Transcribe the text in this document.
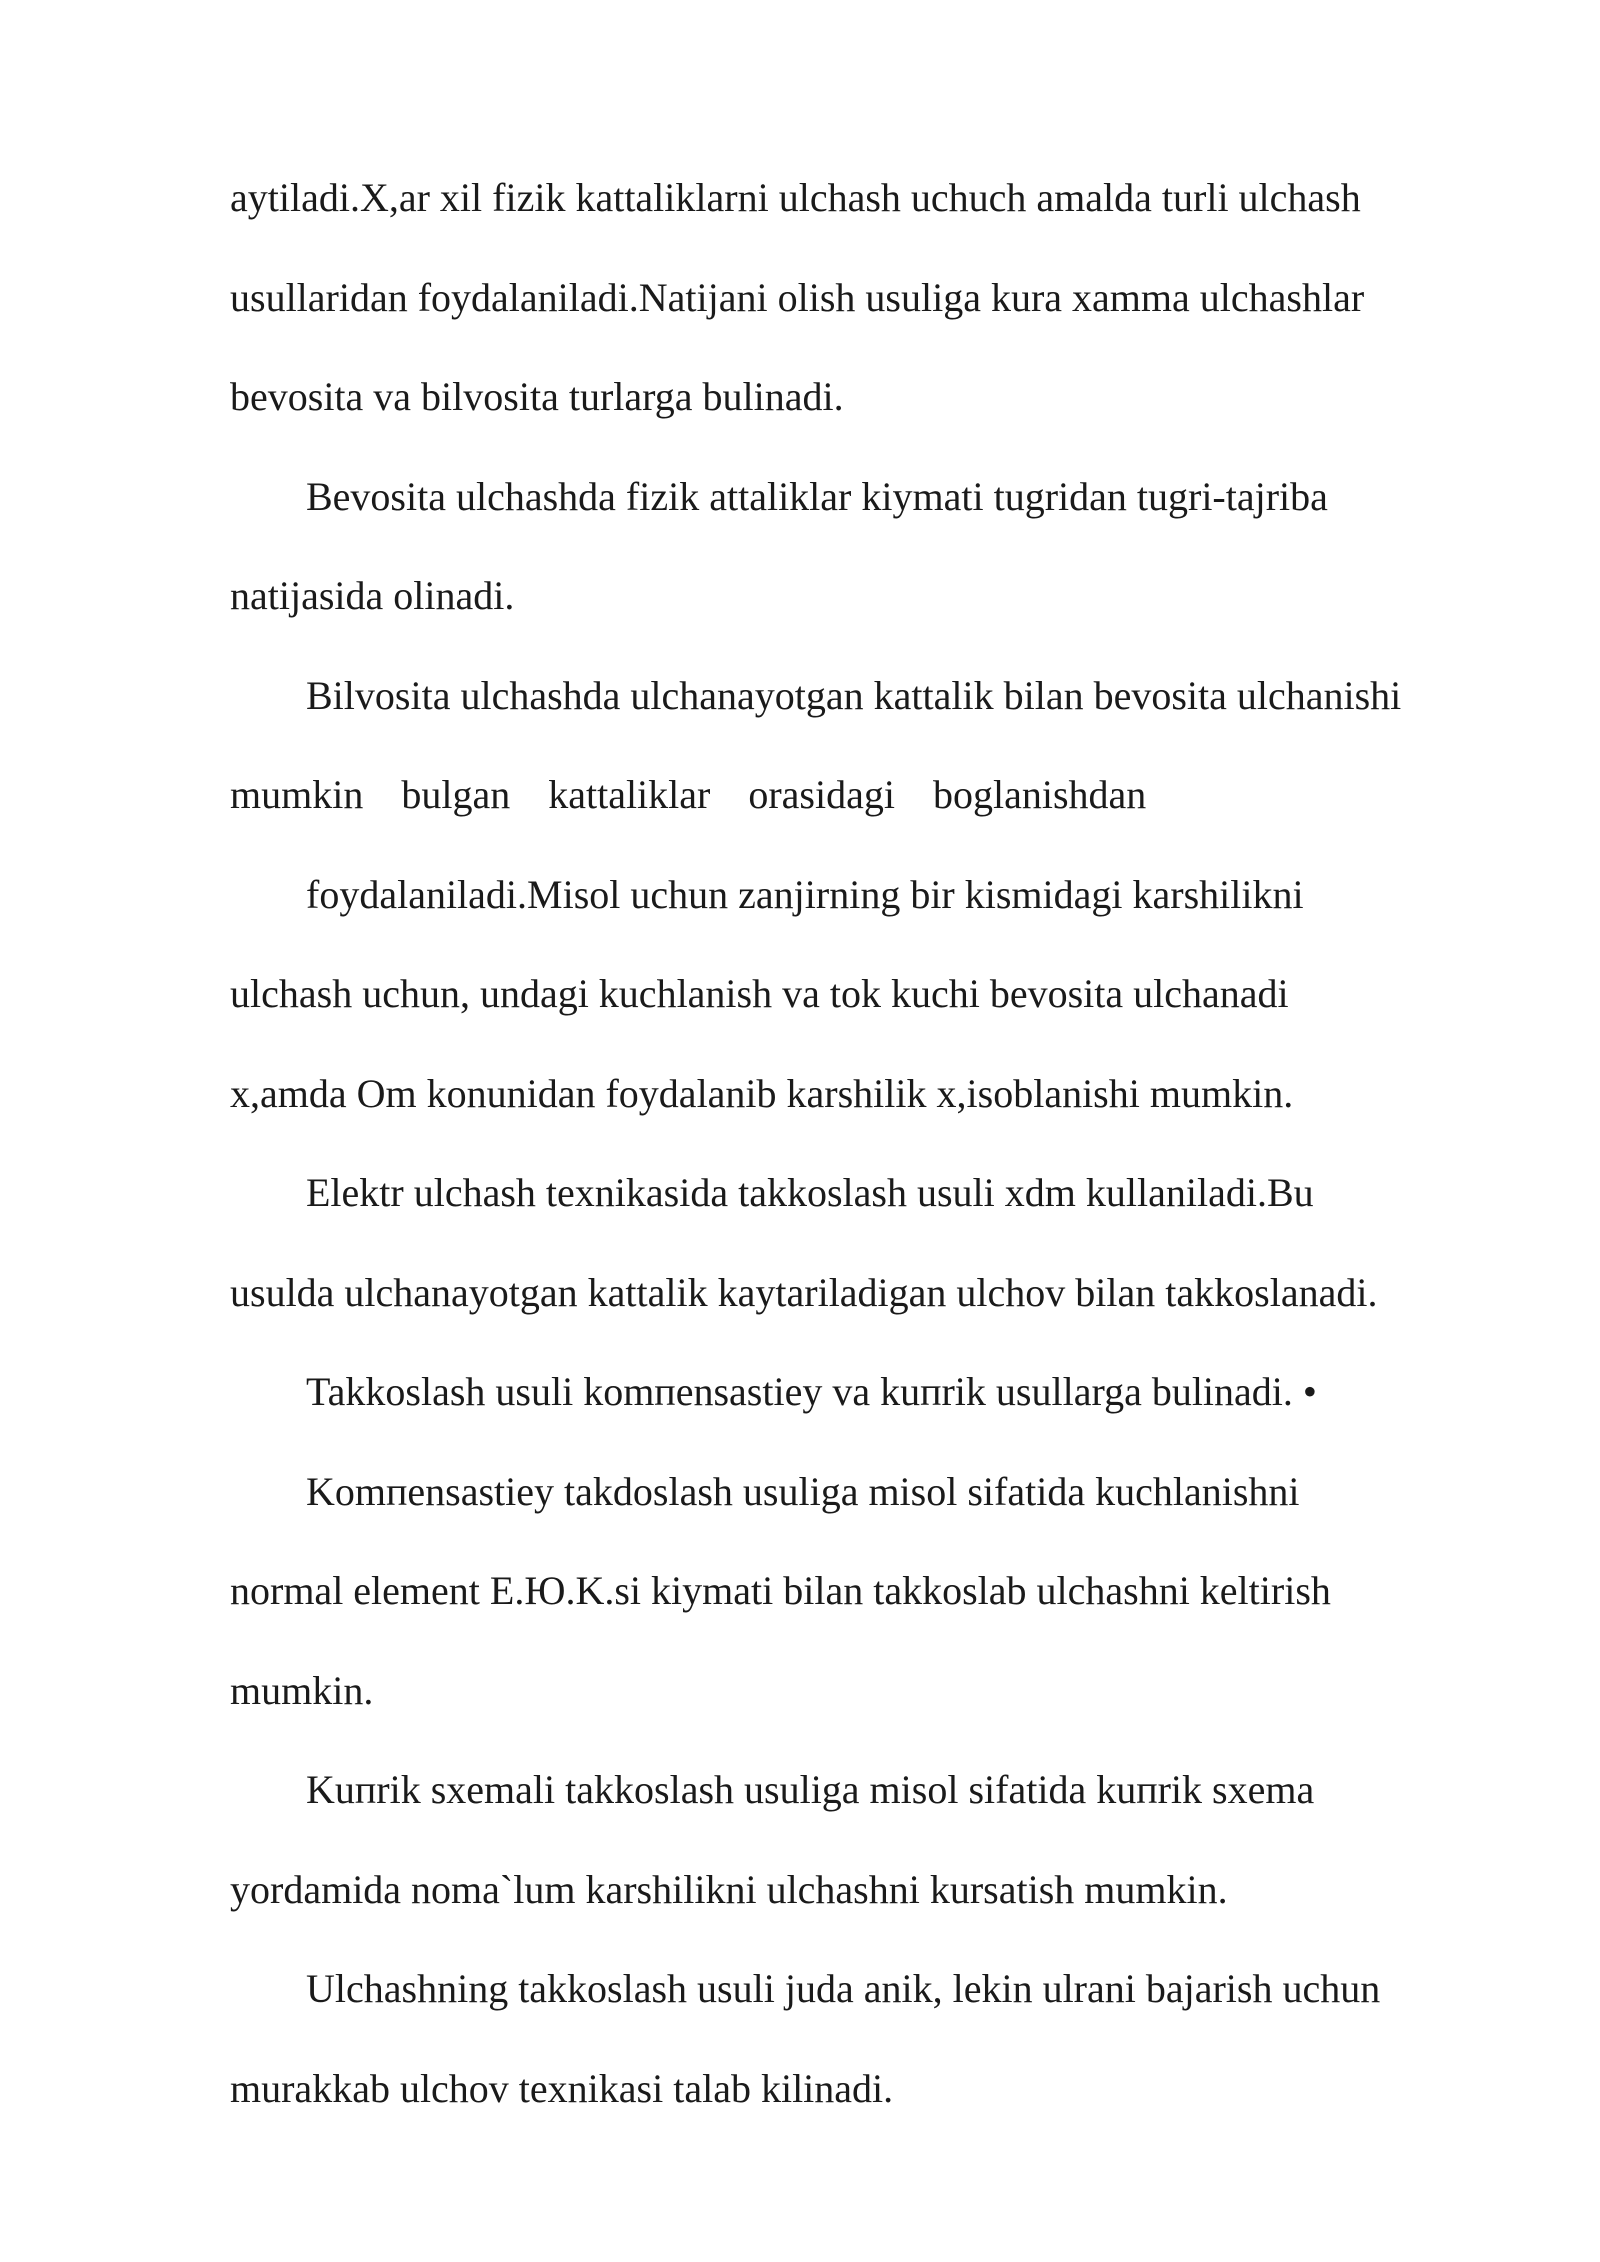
aytiladi.X,ar xil fizik kattaliklarni ulchash uchuch amalda turli ulchash
usullaridan foydalaniladi.Natijani olish usuliga kura xamma ulchashlar
bevosita va bilvosita turlarga bulinadi.
Bevosita ulchashda fizik attaliklar kiymati tugridan tugri-tajriba
natijasida olinadi.
Bilvosita ulchashda ulchanayotgan kattalik bilan bevosita ulchanishi
mumkin bulgan kattaliklar orasidagi boglanishdan
foydalaniladi.Misol uchun zanjirning bir kismidagi karshilikni
ulchash uchun, undagi kuchlanish va tok kuchi bevosita ulchanadi
x,amda Om konunidan foydalanib karshilik x,isoblanishi mumkin.
Elektr ulchash texnikasida takkoslash usuli xdm kullaniladi.Bu
usulda ulchanayotgan kattalik kaytariladigan ulchov bilan takkoslanadi.
Takkoslash usuli komпensastiey va kuпrik usullarga bulinadi. •
Komпensastiey takdoslash usuliga misol sifatida kuchlanishni
normal element E.Ю.K.si kiymati bilan takkoslab ulchashni keltirish
mumkin.
Kuпrik sxemali takkoslash usuliga misol sifatida kuпrik sxema
yordamida noma`lum karshilikni ulchashni kursatish mumkin.
Ulchashning takkoslash usuli juda anik, lekin ulrani bajarish uchun
murakkab ulchov texnikasi talab kilinadi.
